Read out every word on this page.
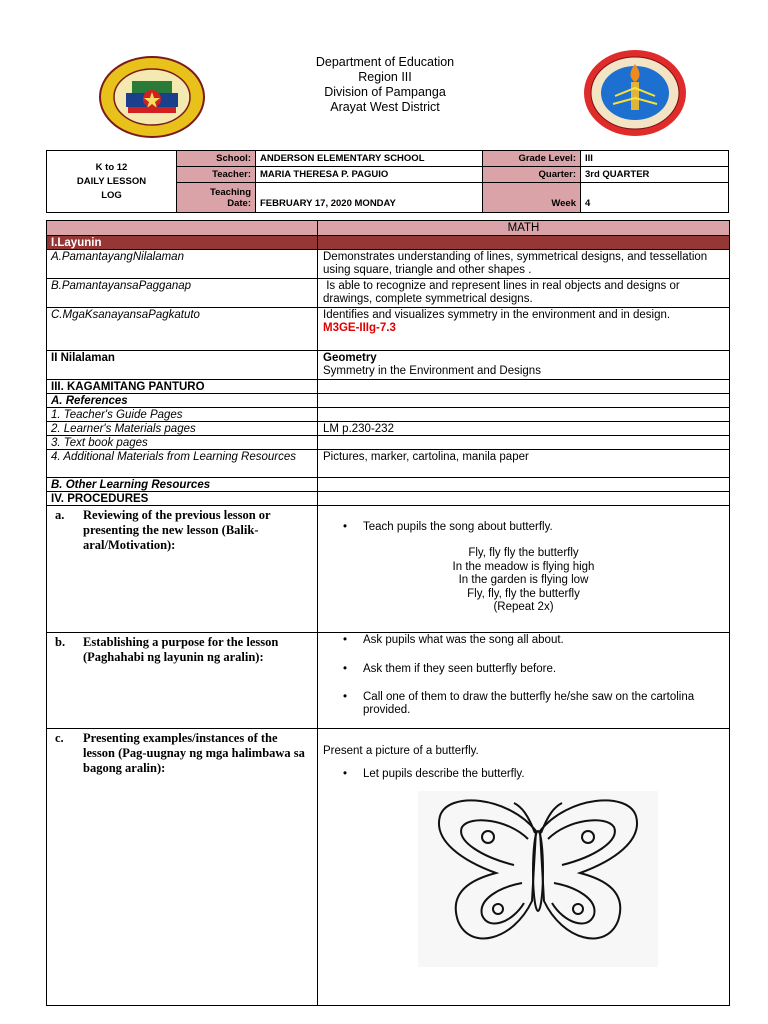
Department of Education
Region III
Division of Pampanga
Arayat West District
K to 12
DAILY LESSON
LOG
School: ANDERSON ELEMENTARY SCHOOL	Grade Level: III
Teacher: MARIA THERESA P. PAGUIO	Quarter: 3rd QUARTER
Teaching
Date: FEBRUARY 17, 2020 MONDAY	Week 4
MATH
I.Layunin
A.PamantayangNilalaman	Demonstrates understanding of lines, symmetrical designs, and tessellation using square, triangle and other shapes .
B.PamantayansaPagganap	Is able to recognize and represent lines in real objects and designs or drawings, complete symmetrical designs.
C.MgaKsanayansaPagkatuto	Identifies and visualizes symmetry in the environment and in design.
M3GE-IIIg-7.3
II Nilalaman	Geometry
Symmetry in the Environment and Designs
III. KAGAMITANG PANTURO
A. References
1. Teacher's Guide Pages
2. Learner's Materials pages	LM p.230-232
3. Text book pages
4. Additional Materials from Learning Resources	Pictures, marker, cartolina, manila paper
B. Other Learning Resources
IV. PROCEDURES
a. Reviewing of the previous lesson or presenting the new lesson (Balik-aral/Motivation):

• Teach pupils the song about butterfly.

Fly, fly fly the butterfly
In the meadow is flying high
In the garden is flying low
Fly, fly, fly the butterfly
(Repeat 2x)
b. Establishing a purpose for the lesson (Paghahabi ng layunin ng aralin):

• Ask pupils what was the song all about.

• Ask them if they seen butterfly before.

• Call one of them to draw the butterfly he/she saw on the cartolina provided.

c. Presenting examples/instances of the lesson (Pag-uugnay ng mga halimbawa sa bagong aralin):
Present a picture of a butterfly.

• Let pupils describe the butterfly.
